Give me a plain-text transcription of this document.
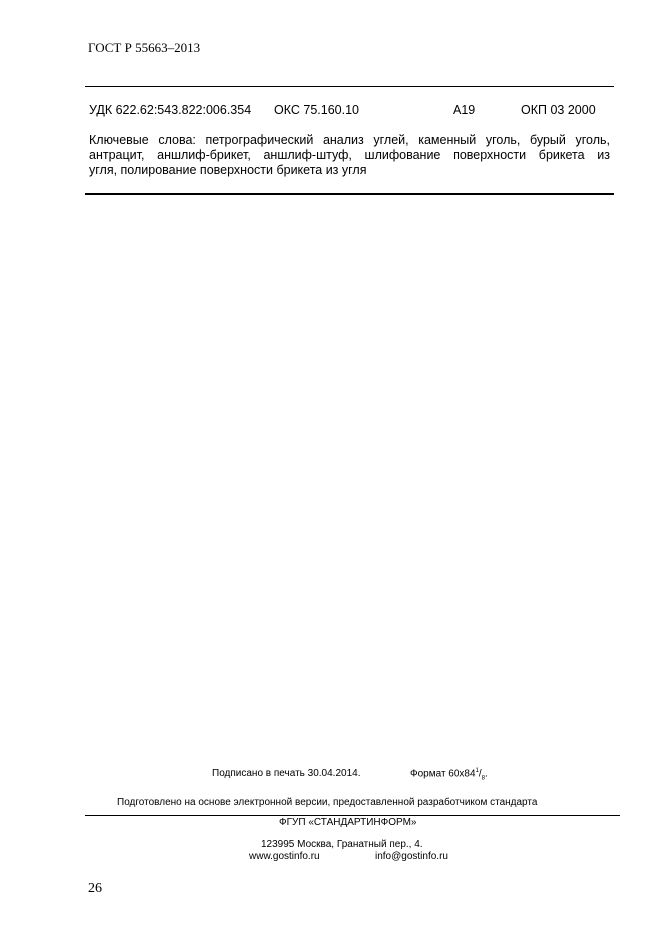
ГОСТ Р 55663–2013
УДК 622.62:543.822:006.354 ОКС 75.160.10	А19	ОКП 03 2000
Ключевые слова: петрографический анализ углей, каменный уголь, бурый уголь,
антрацит, аншлиф-брикет, аншлиф-штуф, шлифование поверхности брикета из
угля, полирование поверхности брикета из угля
Подписано в печать 30.04.2014.	Формат $60x84^1/_8$.
Подготовлено на основе электронной версии, предоставленной разработчиком стандарта
ФГУП «СТАНДАРТИНФОРМ»
123995 Москва, Гранатный пер., 4.
www.gostinfo.ru	info@gostinfo.ru
26
